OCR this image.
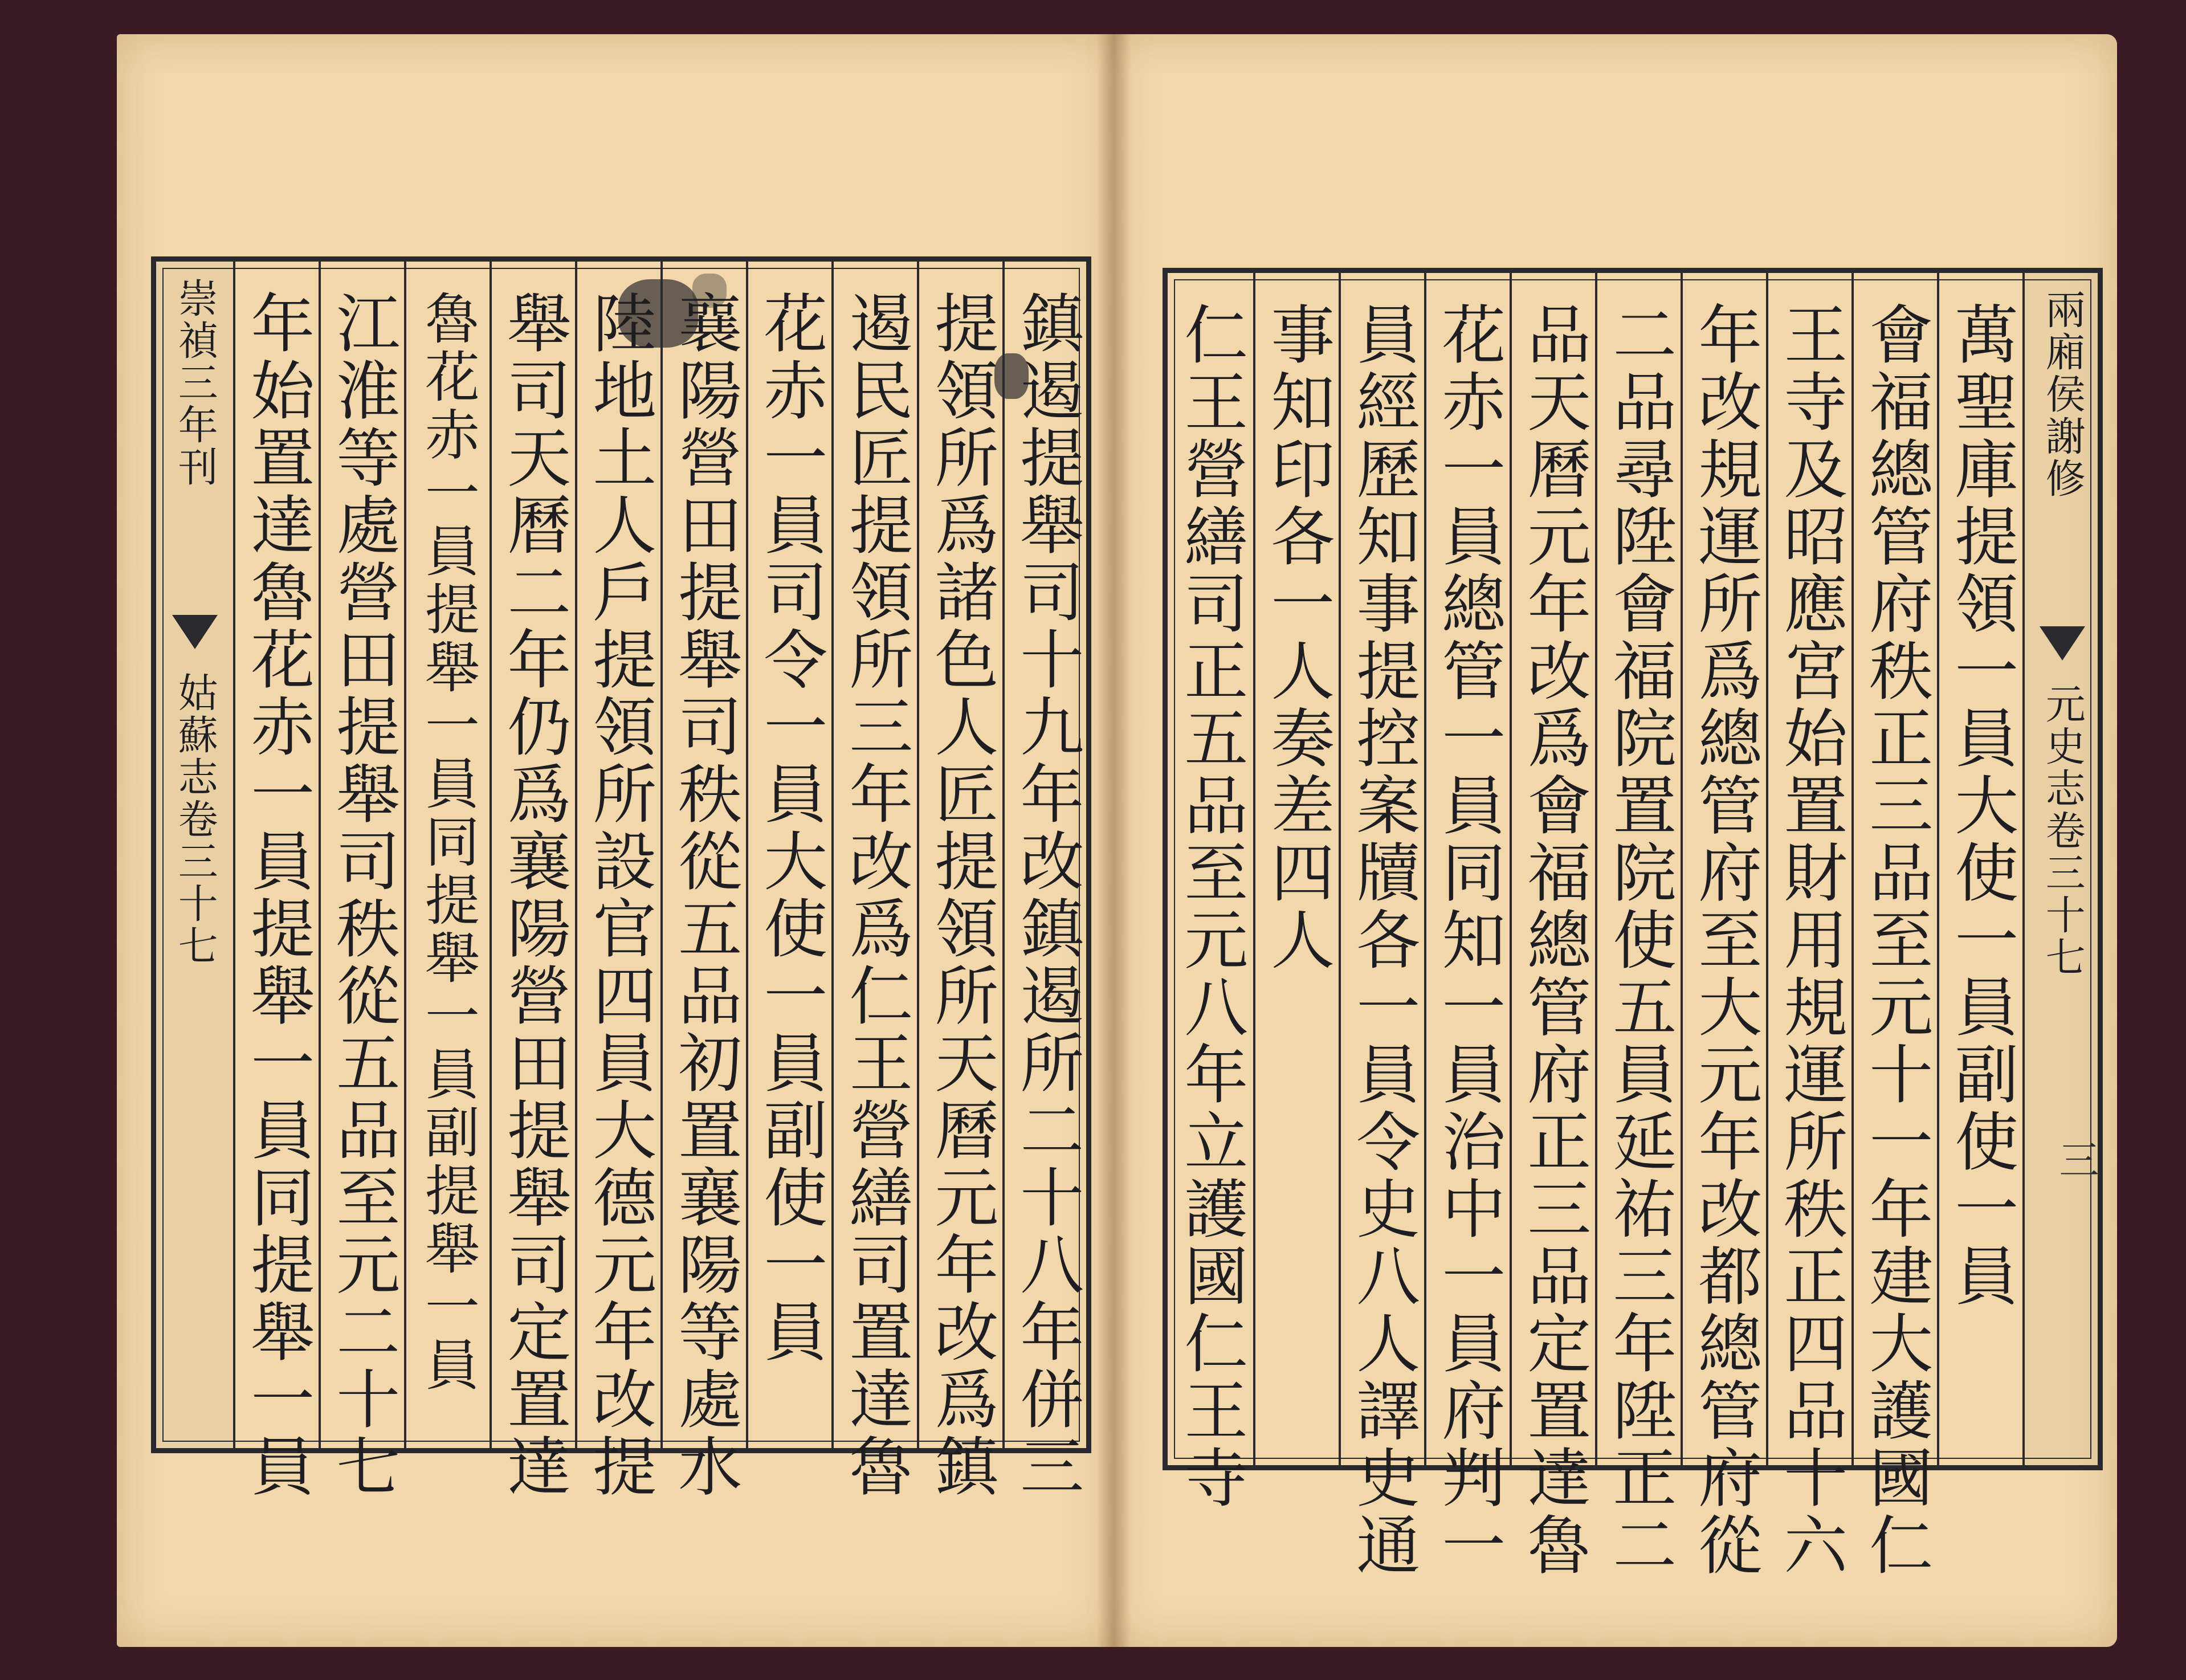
鎮遏提舉司十九年改鎮遏所二十八年併三
提領所爲諸色人匠提領所天曆元年改爲鎮
遏民匠提領所三年改爲仁王營繕司置達魯
花赤一員司令一員大使一員副使一員
襄陽營田提舉司秩從五品初置襄陽等處水
陸地土人戶提領所設官四員大德元年改提
舉司天曆二年仍爲襄陽營田提舉司定置達
魯花赤一員提舉一員同提舉一員副提舉一員
江淮等處營田提舉司秩從五品至元二十七
年始置達魯花赤一員提舉一員同提舉一員
崇禎三年刊
姑蘇志卷三十七
兩廂侯謝修
元史志卷三十七
三
萬聖庫提領一員大使一員副使一員
會福總管府秩正三品至元十一年建大護國仁
王寺及昭應宮始置財用規運所秩正四品十六
年改規運所爲總管府至大元年改都總管府從
二品尋陞會福院置院使五員延祐三年陞正二
品天曆元年改爲會福總管府正三品定置達魯
花赤一員總管一員同知一員治中一員府判一
員經歷知事提控案牘各一員令史八人譯史通
事知印各一人奏差四人
仁王營繕司正五品至元八年立護國仁王寺
